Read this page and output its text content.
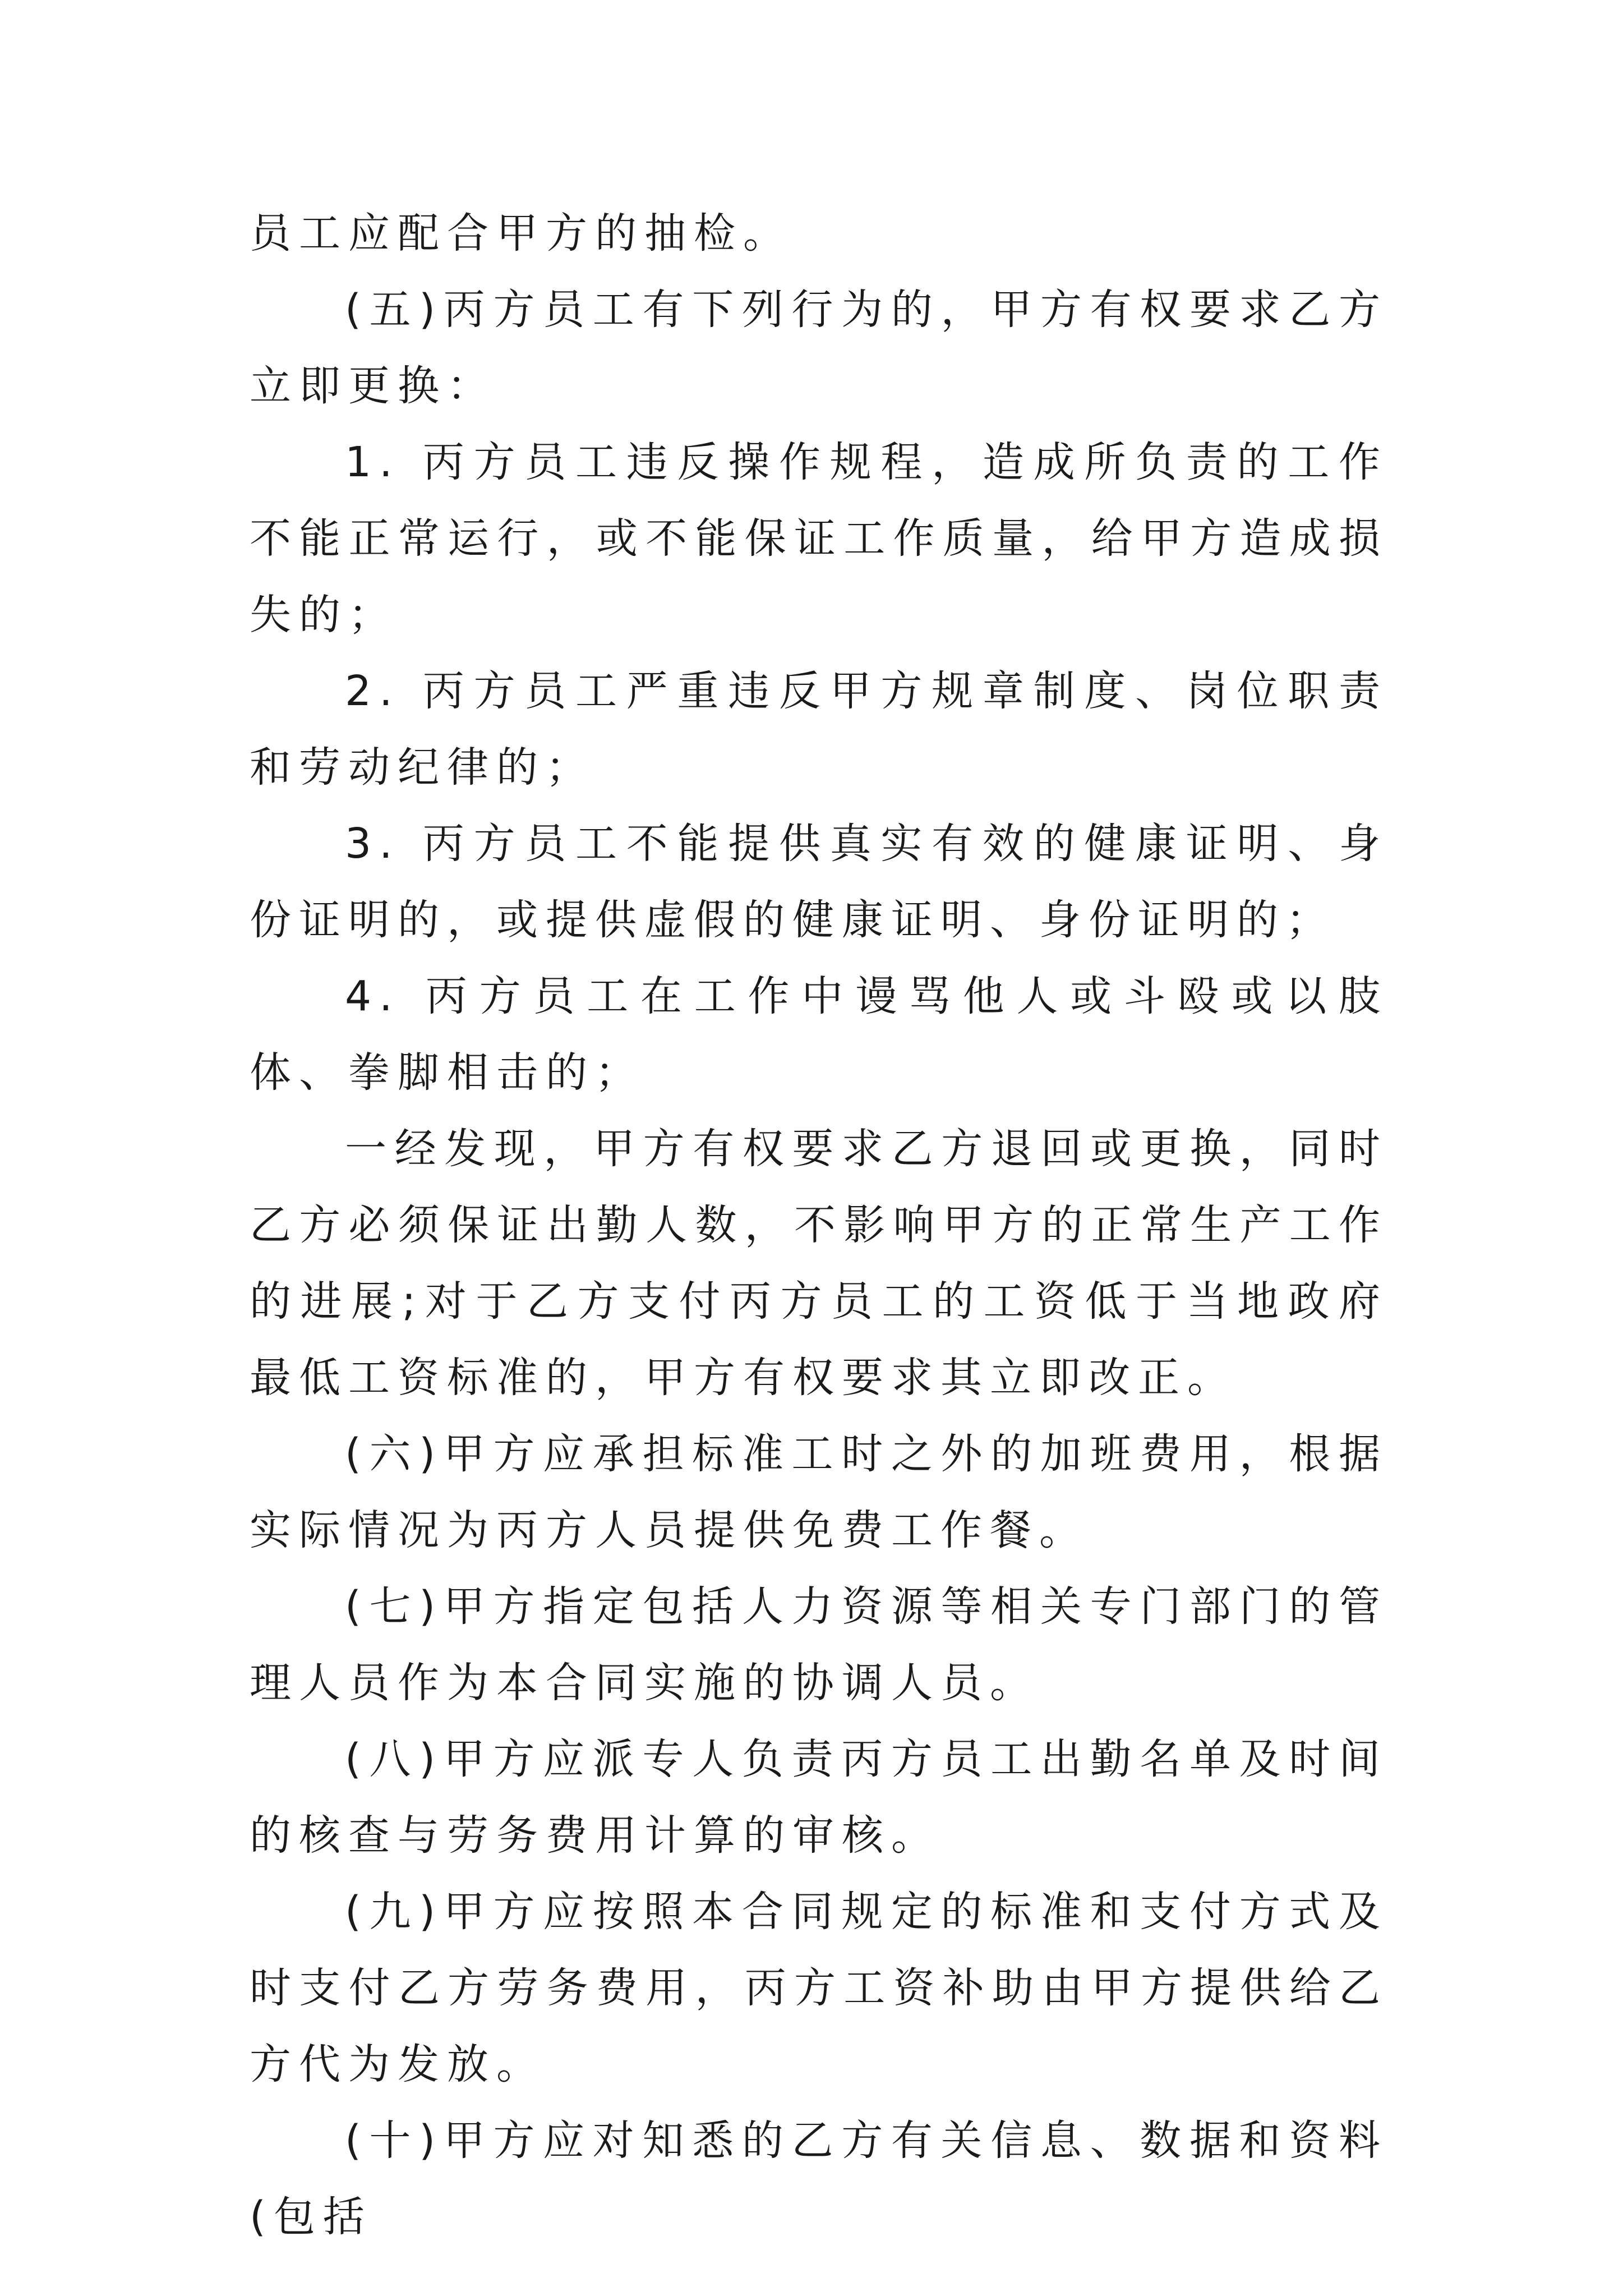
员工应配合甲方的抽检。

(五)丙方员工有下列行为的，甲方有权要求乙方立即更换：

1. 丙方员工违反操作规程，造成所负责的工作不能正常运行，或不能保证工作质量，给甲方造成损失的；

2. 丙方员工严重违反甲方规章制度、岗位职责和劳动纪律的；

3. 丙方员工不能提供真实有效的健康证明、身份证明的，或提供虚假的健康证明、身份证明的；

4. 丙方员工在工作中谩骂他人或斗殴或以肢体、拳脚相击的；

一经发现，甲方有权要求乙方退回或更换，同时乙方必须保证出勤人数，不影响甲方的正常生产工作的进展;对于乙方支付丙方员工的工资低于当地政府最低工资标准的，甲方有权要求其立即改正。

(六)甲方应承担标准工时之外的加班费用，根据实际情况为丙方人员提供免费工作餐。

(七)甲方指定包括人力资源等相关专门部门的管理人员作为本合同实施的协调人员。

(八)甲方应派专人负责丙方员工出勤名单及时间的核查与劳务费用计算的审核。

(九)甲方应按照本合同规定的标准和支付方式及时支付乙方劳务费用，丙方工资补助由甲方提供给乙方代为发放。

(十)甲方应对知悉的乙方有关信息、数据和资料(包括
